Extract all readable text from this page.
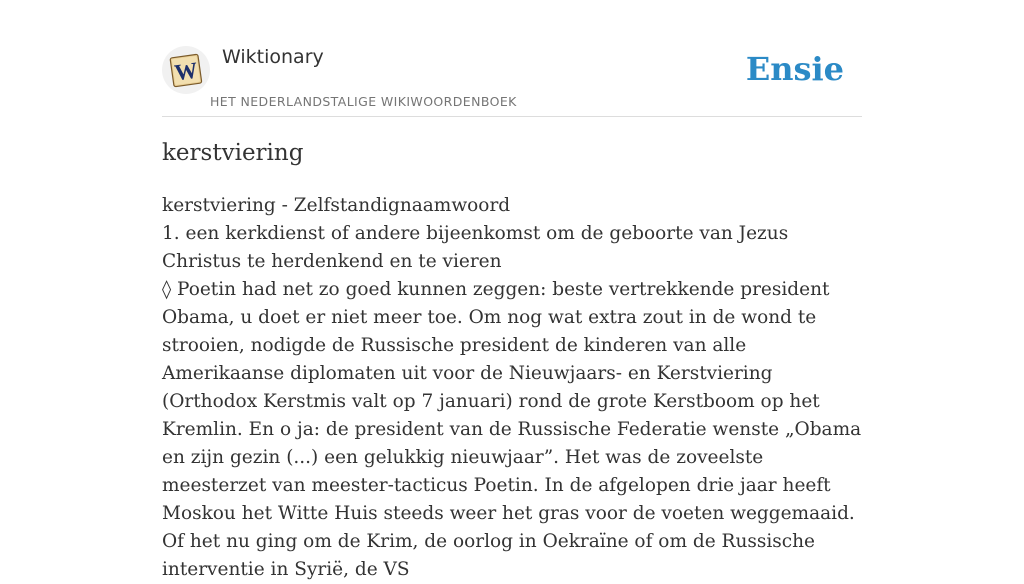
W
Wiktionary
HET NEDERLANDSTALIGE WIKIWOORDENBOEK
Ensie
kerstviering
kerstviering - Zelfstandignaamwoord
1. een kerkdienst of andere bijeenkomst om de geboorte van Jezus Christus te herdenkend en te vieren
◊ Poetin had net zo goed kunnen zeggen: beste vertrekkende president Obama, u doet er niet meer toe. Om nog wat extra zout in de wond te strooien, nodigde de Russische president de kinderen van alle Amerikaanse diplomaten uit voor de Nieuwjaars- en Kerstviering (Orthodox Kerstmis valt op 7 januari) rond de grote Kerstboom op het Kremlin. En o ja: de president van de Russische Federatie wenste „Obama en zijn gezin (...) een gelukkig nieuwjaar”. Het was de zoveelste meesterzet van meester-tacticus Poetin. In de afgelopen drie jaar heeft Moskou het Witte Huis steeds weer het gras voor de voeten weggemaaid. Of het nu ging om de Krim, de oorlog in Oekraïne of om de Russische interventie in Syrië, de VS
